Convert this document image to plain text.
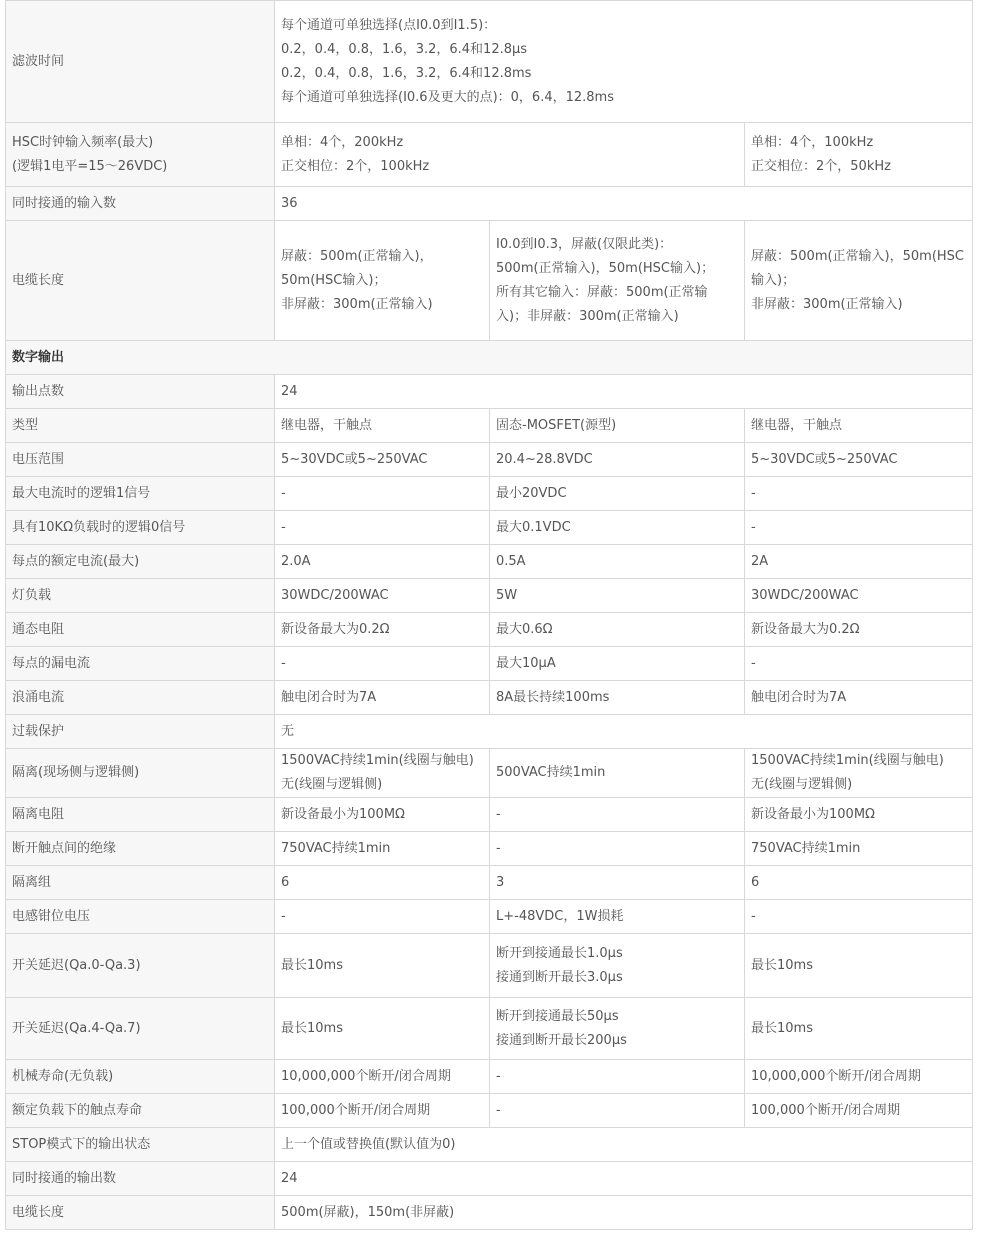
滤波时间	每个通道可单独选择(点I0.0到I1.5)：
0.2，0.4，0.8，1.6，3.2，6.4和12.8μs
0.2，0.4，0.8，1.6，3.2，6.4和12.8ms
每个通道可单独选择(I0.6及更大的点)：0，6.4，12.8ms		

HSC时钟输入频率(最大)
(逻辑1电平=15～26VDC)	单相：4个，200kHz
正交相位：2个，100kHz		单相：4个，100kHz
正交相位：2个，50kHz

同时接通的输入数	36		

电缆长度	屏蔽：500m(正常输入)，
50m(HSC输入)；
非屏蔽：300m(正常输入)	I0.0到I0.3，屏蔽(仅限此类)：
500m(正常输入)，50m(HSC输入)；
所有其它输入：屏蔽：500m(正常输
入)；非屏蔽：300m(正常输入)	屏蔽：500m(正常输入)，50m(HSC
输入)；
非屏蔽：300m(正常输入)

数字输出			
输出点数	24		

类型	继电器，干触点	固态-MOSFET(源型)	继电器，干触点

电压范围	5~30VDC或5~250VAC	20.4~28.8VDC	5~30VDC或5~250VAC

最大电流时的逻辑1信号	-	最小20VDC	-

具有10KΩ负载时的逻辑0信号	-	最大0.1VDC	-

每点的额定电流(最大)	2.0A	0.5A	2A

灯负载	30WDC/200WAC	5W	30WDC/200WAC

通态电阻	新设备最大为0.2Ω	最大0.6Ω	新设备最大为0.2Ω

每点的漏电流	-	最大10μA	-

浪涌电流	触电闭合时为7A	8A最长持续100ms	触电闭合时为7A

过载保护	无		

隔离(现场侧与逻辑侧)	1500VAC持续1min(线圈与触电)
无(线圈与逻辑侧)	500VAC持续1min	1500VAC持续1min(线圈与触电)
无(线圈与逻辑侧)

隔离电阻	新设备最小为100MΩ	-	新设备最小为100MΩ

断开触点间的绝缘	750VAC持续1min	-	750VAC持续1min

隔离组	6	3	6

电感钳位电压	-	L+-48VDC，1W损耗	-

开关延迟(Qa.0-Qa.3)	最长10ms	断开到接通最长1.0μs
接通到断开最长3.0μs	最长10ms

开关延迟(Qa.4-Qa.7)	最长10ms	断开到接通最长50μs
接通到断开最长200μs	最长10ms

机械寿命(无负载)	10,000,000个断开/闭合周期	-	10,000,000个断开/闭合周期

额定负载下的触点寿命	100,000个断开/闭合周期	-	100,000个断开/闭合周期

STOP模式下的输出状态	上一个值或替换值(默认值为0)		

同时接通的输出数	24		

电缆长度	500m(屏蔽)，150m(非屏蔽)		
